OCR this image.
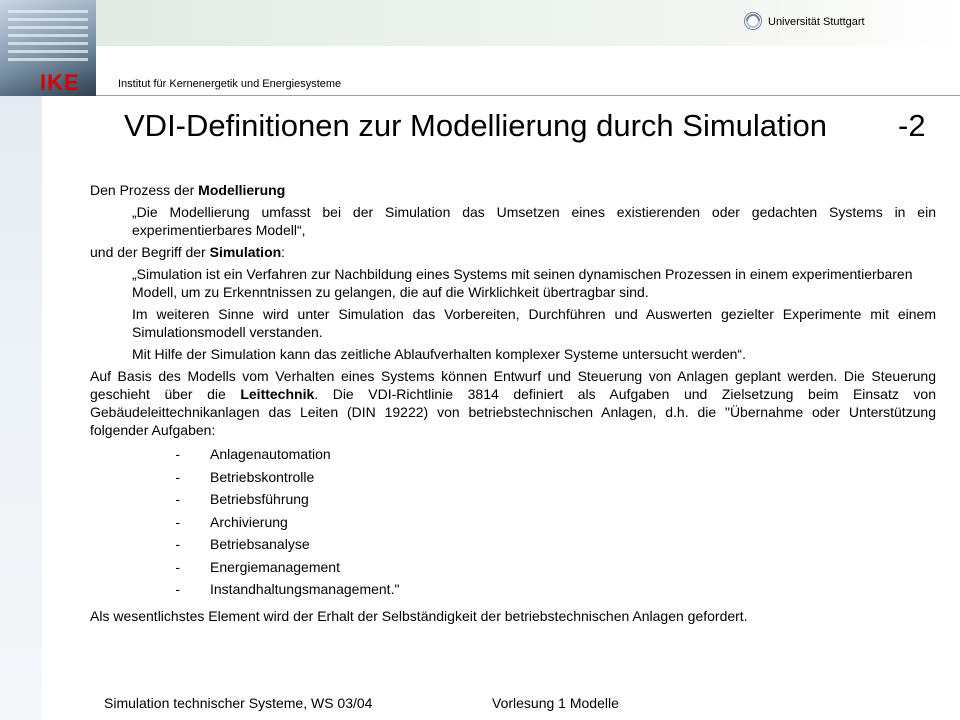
IKE
Universität Stuttgart
Institut für Kernenergetik und Energiesysteme
VDI-Definitionen zur Modellierung durch Simulation -2

Den Prozess der Modellierung

„Die Modellierung umfasst bei der Simulation das Umsetzen eines existierenden oder gedachten Systems in ein experimentierbares Modell“,

und der Begriff der Simulation:

„Simulation ist ein Verfahren zur Nachbildung eines Systems mit seinen dynamischen Prozessen in einem experimentierbaren Modell, um zu Erkenntnissen zu gelangen, die auf die Wirklichkeit übertragbar sind.

Im weiteren Sinne wird unter Simulation das Vorbereiten, Durchführen und Auswerten gezielter Experimente mit einem Simulationsmodell verstanden.

Mit Hilfe der Simulation kann das zeitliche Ablaufverhalten komplexer Systeme untersucht werden“.

Auf Basis des Modells vom Verhalten eines Systems können Entwurf und Steuerung von Anlagen geplant werden. Die Steuerung geschieht über die Leittechnik. Die VDI-Richtlinie 3814 definiert als Aufgaben und Zielsetzung beim Einsatz von Gebäudeleittechnikanlagen das Leiten (DIN 19222) von betriebstechnischen Anlagen, d.h. die "Übernahme oder Unterstützung folgender Aufgaben:

-	Anlagenautomation
-	Betriebskontrolle
-	Betriebsführung
-	Archivierung
-	Betriebsanalyse
-	Energiemanagement
-	Instandhaltungsmanagement."

Als wesentlichstes Element wird der Erhalt der Selbständigkeit der betriebstechnischen Anlagen gefordert.

Simulation technischer Systeme, WS 03/04	Vorlesung 1 Modelle
